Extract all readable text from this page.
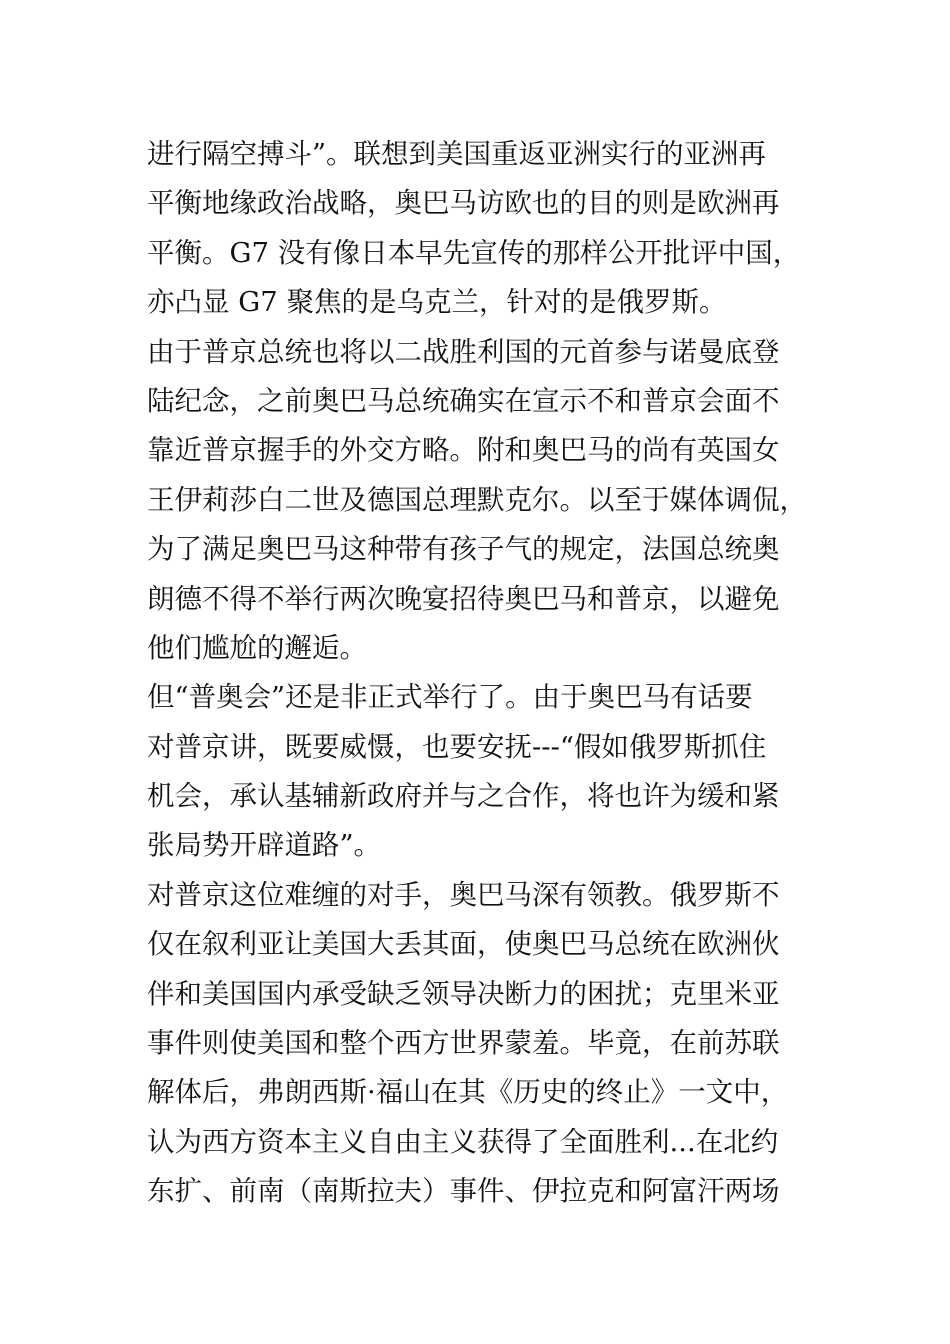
进行隔空搏斗”。联想到美国重返亚洲实行的亚洲再
平衡地缘政治战略，奥巴马访欧也的目的则是欧洲再
平衡。G7 没有像日本早先宣传的那样公开批评中国，
亦凸显 G7 聚焦的是乌克兰，针对的是俄罗斯。
由于普京总统也将以二战胜利国的元首参与诺曼底登
陆纪念，之前奥巴马总统确实在宣示不和普京会面不
靠近普京握手的外交方略。附和奥巴马的尚有英国女
王伊莉莎白二世及德国总理默克尔。以至于媒体调侃，
为了满足奥巴马这种带有孩子气的规定，法国总统奥
朗德不得不举行两次晚宴招待奥巴马和普京，以避免
他们尴尬的邂逅。
但“普奥会”还是非正式举行了。由于奥巴马有话要
对普京讲，既要威慑，也要安抚---“假如俄罗斯抓住
机会，承认基辅新政府并与之合作，将也许为缓和紧
张局势开辟道路”。
对普京这位难缠的对手，奥巴马深有领教。俄罗斯不
仅在叙利亚让美国大丢其面，使奥巴马总统在欧洲伙
伴和美国国内承受缺乏领导决断力的困扰；克里米亚
事件则使美国和整个西方世界蒙羞。毕竟，在前苏联
解体后，弗朗西斯·福山在其《历史的终止》一文中，
认为西方资本主义自由主义获得了全面胜利...在北约
东扩、前南（南斯拉夫）事件、伊拉克和阿富汗两场
